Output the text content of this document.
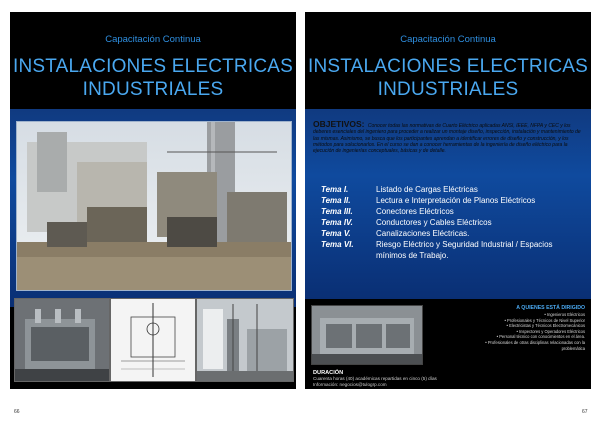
Capacitación Continua
INSTALACIONES ELECTRICAS
INDUSTRIALES
Capacitación Continua
INSTALACIONES ELECTRICAS
INDUSTRIALES
OBJETIVOS: Conocer todas las normativas de Cuarto Eléctrico aplicadas ANSI, IEEE, NFPA y CEC y los deberes esenciales del ingeniero para proceder a realizar un montaje diseño, inspección, instalación y mantenimiento de las mismas. Asimismo, se busca que los participantes aprendan a identificar errores de diseño y construcción, y los métodos para solucionarlos. En el curso se dan a conocer herramientas de la ingeniería de diseño eléctrico para la ejecución de ingenierías conceptuales, básicas y de detalle.
Tema I.	Listado de Cargas Eléctricas
Tema II.	Lectura e Interpretación de Planos Eléctricos
Tema III.	Conectores Eléctricos
Tema IV.	Conductores y Cables Eléctricos
Tema V.	Canalizaciones Eléctricas.
Tema VI.	Riesgo Eléctrico y Seguridad Industrial / Espacios mínimos de Trabajo.
A QUIENES ESTÁ DIRIGIDO
• Ingenieros Eléctricos
• Profesionales y Técnicos de Nivel Superior
• Electricistas y Técnicos Electromecánicos
• Inspectores y Operadores Eléctricos
• Personal técnico con conocimientos en el área.
• Profesionales de otras disciplinas relacionadas con la
problemática
DURACIÓN
Cuarenta horas (40) académicas repartidas en cinco (5) días
Información: negocios@tulogrp.com
66	67
